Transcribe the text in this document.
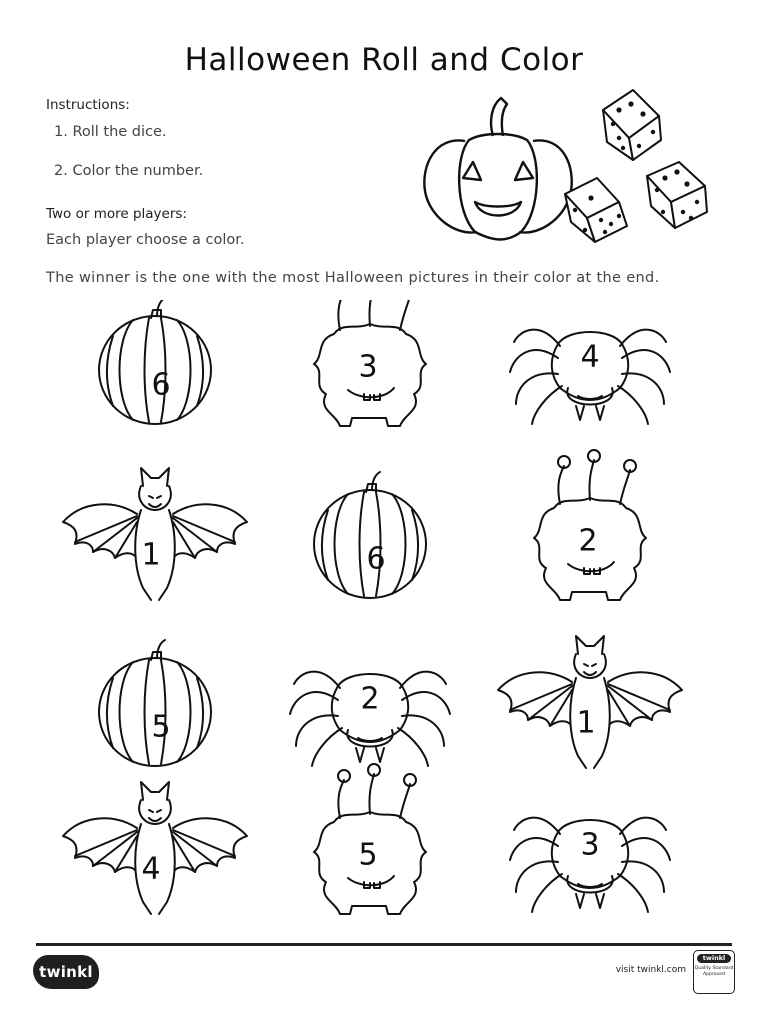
Halloween Roll and Color
Instructions:
1. Roll the dice.
2. Color the number.
Two or more players:
Each player choose a color.
The winner is the one with the most Halloween pictures in their color at the end.
6
3	4
1	6
2
5
2
1
4	5	3
twinkl	visit twinkl.com
twinkl
Quality Standard
Approved
